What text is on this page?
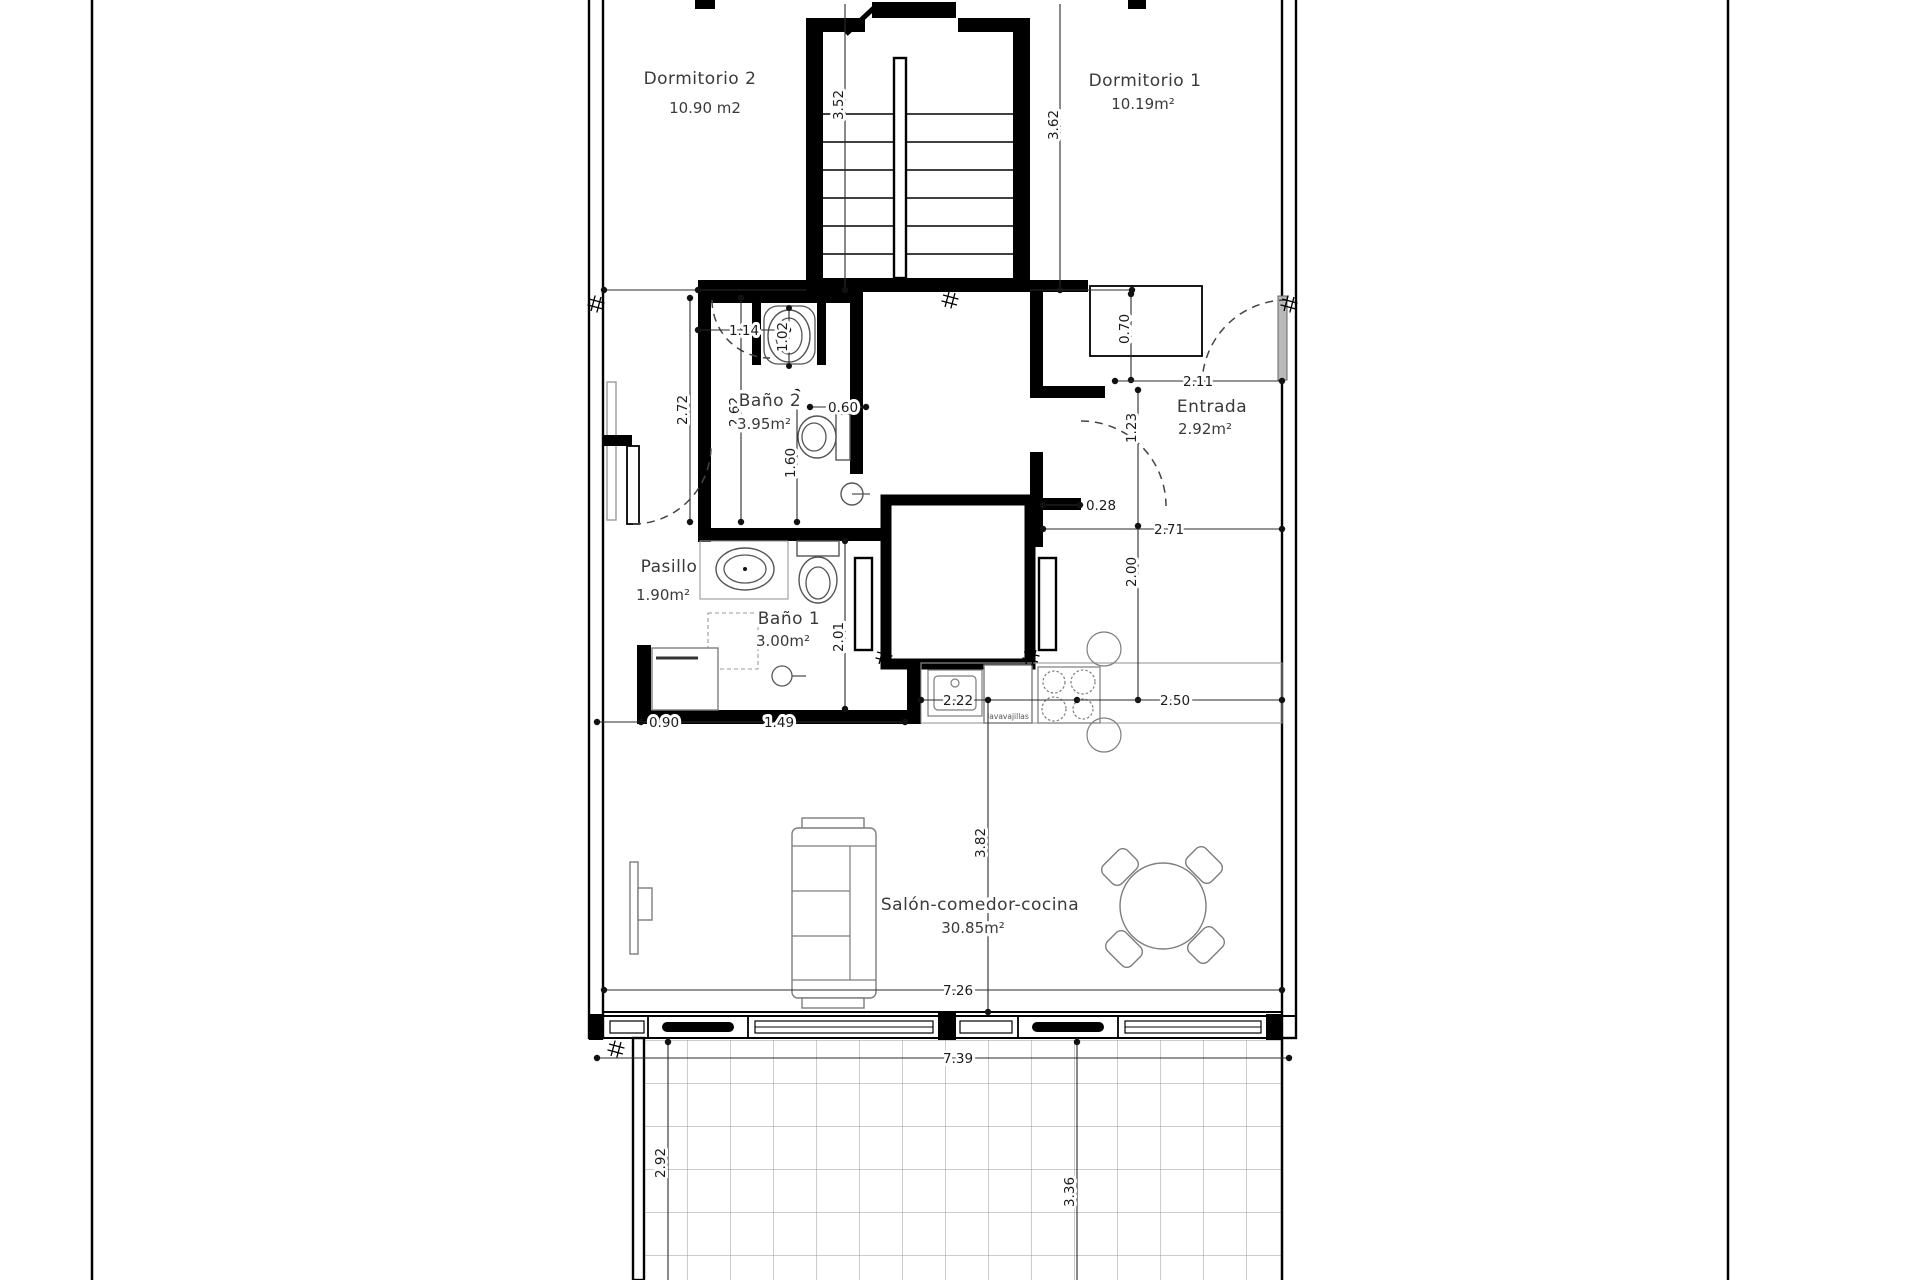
lavavajillas
3.52
3.62
1.14 1.02
2.72	2.62	0.60
1.60
0.70
2.11
1.23
0.28
2.71
2.00
2.22	2.50
2.01
0.90	1.49
3.82
7.26
7.39
2.92
3.36
Dormitorio 2
10.90 m2
Dormitorio 1
10.19m²
Baño 2
3.95m²
Entrada
2.92m²
Pasillo
1.90m²
Baño 1
3.00m²
Salón-comedor-cocina
30.85m²
